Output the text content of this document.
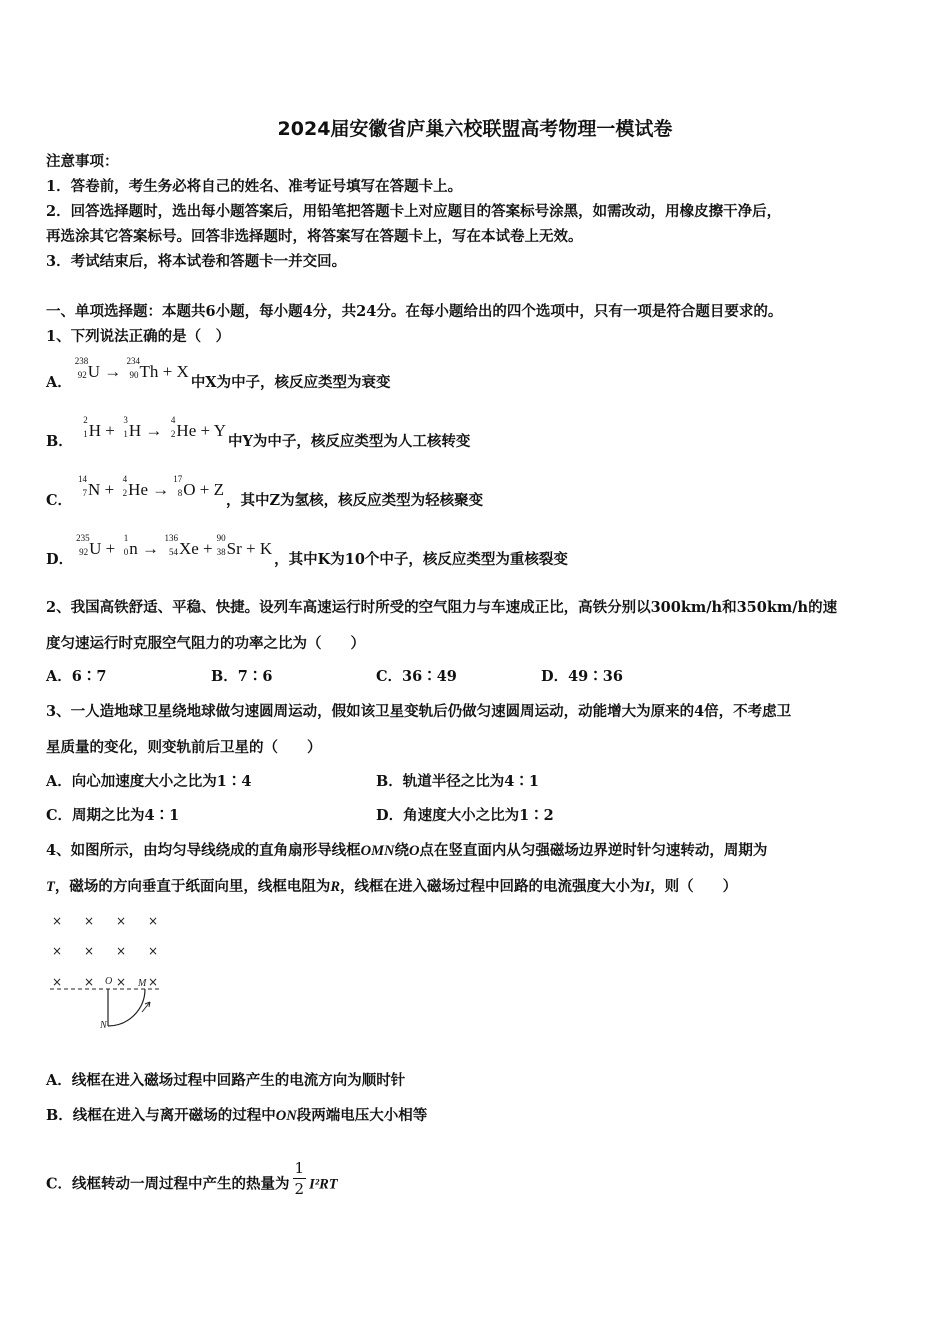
2024届安徽省庐巢六校联盟高考物理一模试卷
注意事项：
1．答卷前，考生务必将自己的姓名、准考证号填写在答题卡上。
2．回答选择题时，选出每小题答案后，用铅笔把答题卡上对应题目的答案标号涂黑，如需改动，用橡皮擦干净后，
再选涂其它答案标号。回答非选择题时，将答案写在答题卡上，写在本试卷上无效。
3．考试结束后，将本试卷和答题卡一并交回。
一、单项选择题：本题共6小题，每小题4分，共24分。在每小题给出的四个选项中，只有一项是符合题目要求的。
1、下列说法正确的是（　）
A．
238
92 U →
234
90 Th + X中X为中子，核反应类型为衰变
B．
2
1 H +
3
1 H →
4
2 He + Y中Y为中子，核反应类型为人工核转变
C．
14
7 N +
4
2 He →
17
8 O + Z，其中Z为氢核，核反应类型为轻核聚变
D．
235
92 U +
1
0 n →
136
54 Xe +
90
38 Sr + K，其中K为10个中子，核反应类型为重核裂变
2、我国高铁舒适、平稳、快捷。设列车高速运行时所受的空气阻力与车速成正比，高铁分别以300km/h和350km/h的速
度匀速运行时克服空气阻力的功率之比为（　　）
A．6∶7	B．7∶6	C．36∶49	D．49∶36
3、一人造地球卫星绕地球做匀速圆周运动，假如该卫星变轨后仍做匀速圆周运动，动能增大为原来的4倍，不考虑卫
星质量的变化，则变轨前后卫星的（　　）
A．向心加速度大小之比为1∶4	B．轨道半径之比为4∶1
C．周期之比为4∶1	D．角速度大小之比为1∶2
4、如图所示，由均匀导线绕成的直角扇形导线框OMN绕O点在竖直面内从匀强磁场边界逆时针匀速转动，周期为
T，磁场的方向垂直于纸面向里，线框电阻为R，线框在进入磁场过程中回路的电流强度大小为I，则（　　）
× × × ×
× × × ×
× × × ×
O	M
N
A．线框在进入磁场过程中回路产生的电流方向为顺时针
B．线框在进入与离开磁场的过程中ON段两端电压大小相等
C．线框转动一周过程中产生的热量为 $\frac{1}{2} I^2RT$
